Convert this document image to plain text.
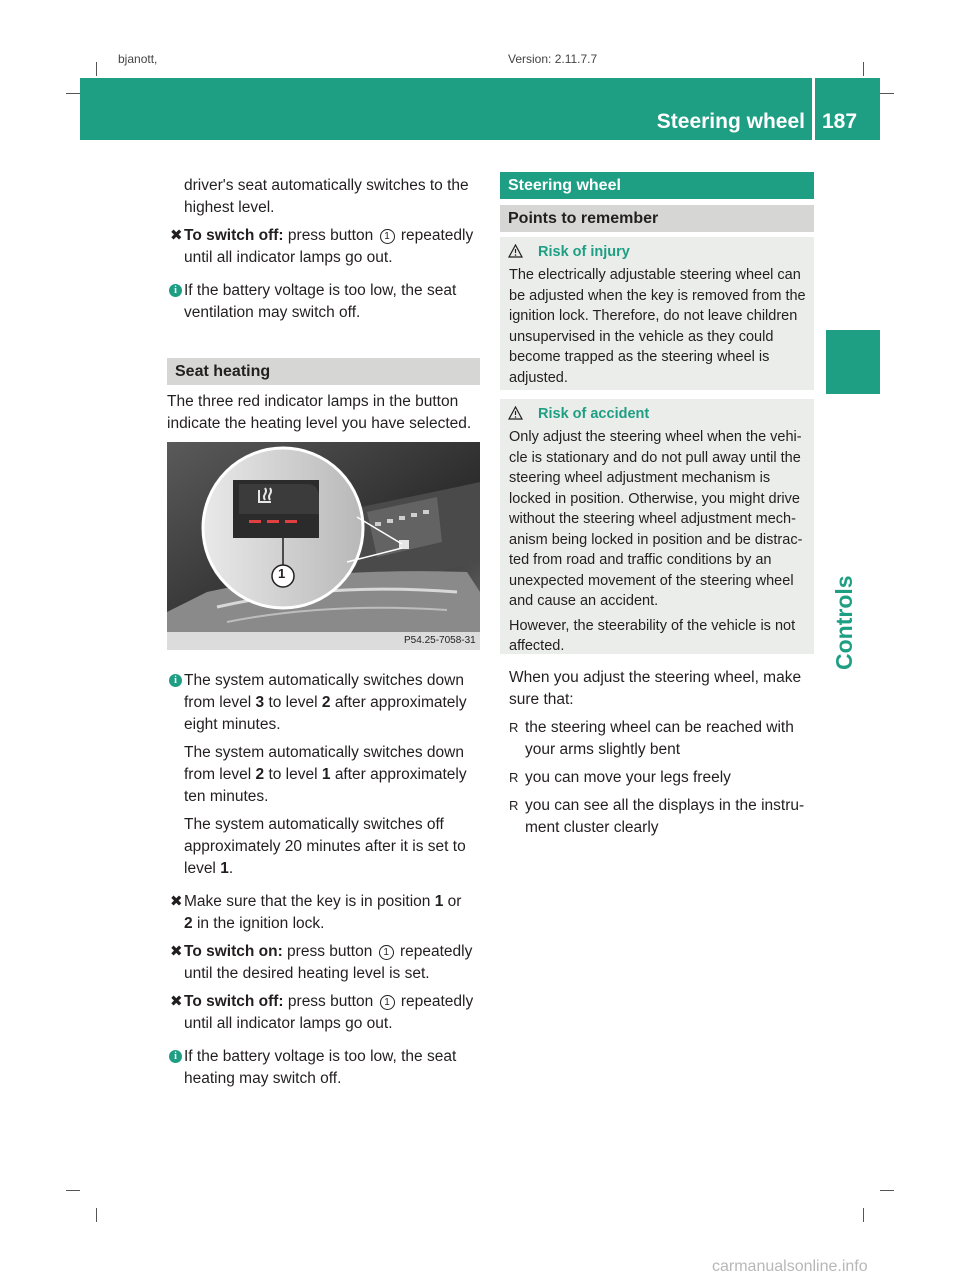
bjanott,	Version: 2.11.7.7
Steering wheel 187
Controls

driver's seat automatically switches to the

highest level.

✖ To switch off: press button 1 repeatedly

until all indicator lamps go out.

i If the battery voltage is too low, the seat

ventilation may switch off.

Seat heating

The three red indicator lamps in the button

indicate the heating level you have selected.

1
P54.25-7058-31
i The system automatically switches down

from level 3 to level 2 after approximately

eight minutes.

The system automatically switches down

from level 2 to level 1 after approximately

ten minutes.

The system automatically switches off

approximately 20 minutes after it is set to

level 1.

✖ Make sure that the key is in position 1 or

2 in the ignition lock.

✖ To switch on: press button 1 repeatedly

until the desired heating level is set.

✖ To switch off: press button 1 repeatedly

until all indicator lamps go out.

i If the battery voltage is too low, the seat

heating may switch off.

Steering wheel
Points to remember
Risk of injury
The electrically adjustable steering wheel can
be adjusted when the key is removed from the
ignition lock. Therefore, do not leave children
unsupervised in the vehicle as they could
become trapped as the steering wheel is
adjusted.
Risk of accident
Only adjust the steering wheel when the vehi-
cle is stationary and do not pull away until the
steering wheel adjustment mechanism is
locked in position. Otherwise, you might drive
without the steering wheel adjustment mech-
anism being locked in position and be distrac-
ted from road and traffic conditions by an
unexpected movement of the steering wheel
and cause an accident.
However, the steerability of the vehicle is not
affected.

When you adjust the steering wheel, make

sure that:

R the steering wheel can be reached with

your arms slightly bent

R you can move your legs freely

R you can see all the displays in the instru-

ment cluster clearly

carmanualsonline.info
